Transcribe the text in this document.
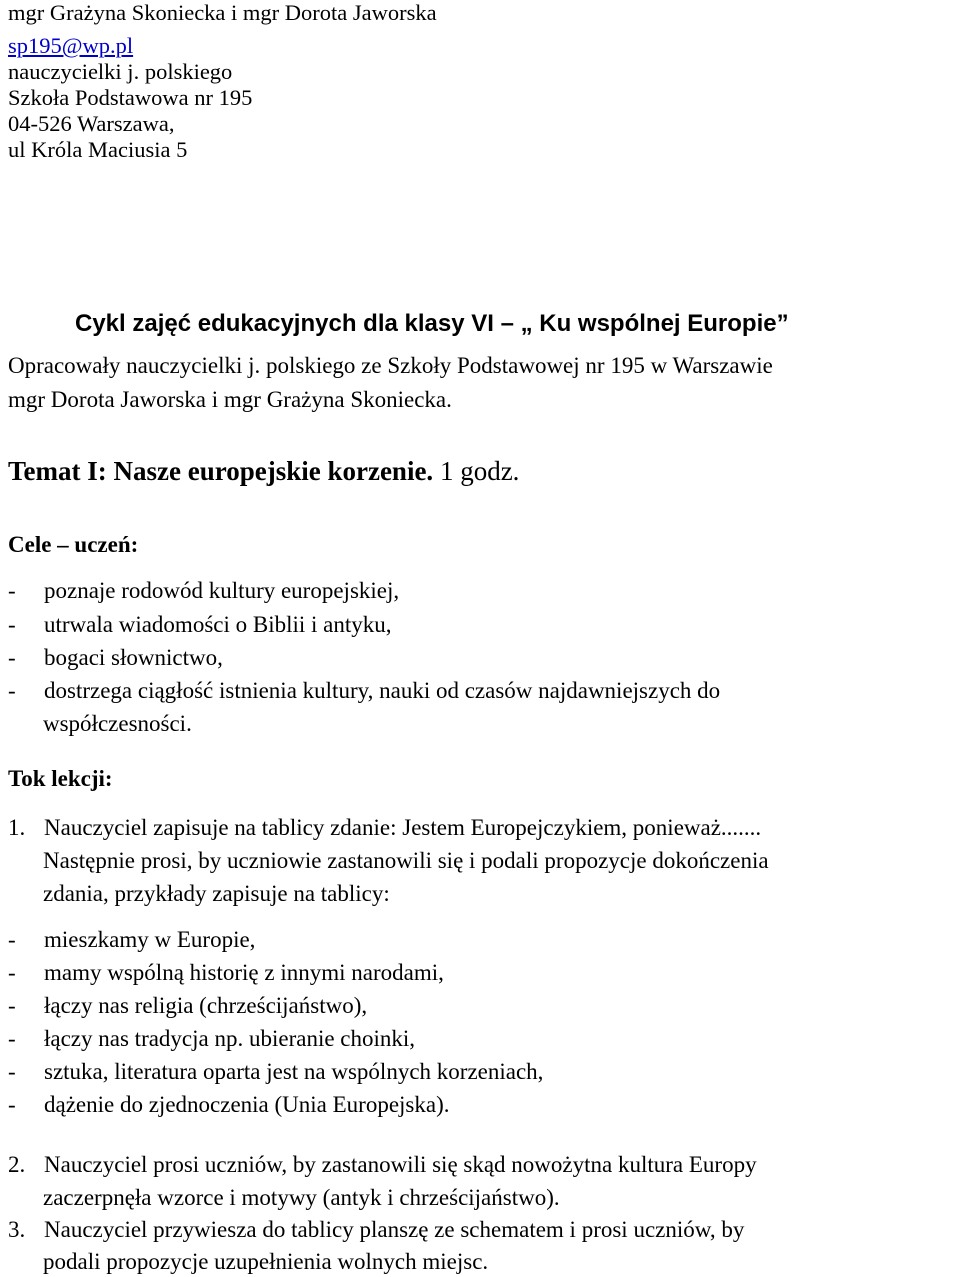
mgr Grażyna Skoniecka i mgr Dorota Jaworska
sp195@wp.pl
nauczycielki j. polskiego
Szkoła Podstawowa nr 195
04-526 Warszawa,
ul Króla Maciusia 5
Cykl zajęć edukacyjnych dla klasy VI – „ Ku wspólnej Europie”
Opracowały nauczycielki j. polskiego ze Szkoły Podstawowej nr 195 w Warszawie
mgr Dorota Jaworska i mgr Grażyna Skoniecka.
Temat I: Nasze europejskie korzenie. 1 godz.
Cele – uczeń:
- poznaje rodowód kultury europejskiej,
- utrwala wiadomości o Biblii i antyku,
- bogaci słownictwo,
- dostrzega ciągłość istnienia kultury, nauki od czasów najdawniejszych do
współczesności.
Tok lekcji:
1. Nauczyciel zapisuje na tablicy zdanie: Jestem Europejczykiem, ponieważ.......
Następnie prosi, by uczniowie zastanowili się i podali propozycje dokończenia
zdania, przykłady zapisuje na tablicy:
- mieszkamy w Europie,
- mamy wspólną historię z innymi narodami,
- łączy nas religia (chrześcijaństwo),
- łączy nas tradycja np. ubieranie choinki,
- sztuka, literatura oparta jest na wspólnych korzeniach,
- dążenie do zjednoczenia (Unia Europejska).
2. Nauczyciel prosi uczniów, by zastanowili się skąd nowożytna kultura Europy
zaczerpnęła wzorce i motywy (antyk i chrześcijaństwo).
3. Nauczyciel przywiesza do tablicy planszę ze schematem i prosi uczniów, by
podali propozycje uzupełnienia wolnych miejsc.
